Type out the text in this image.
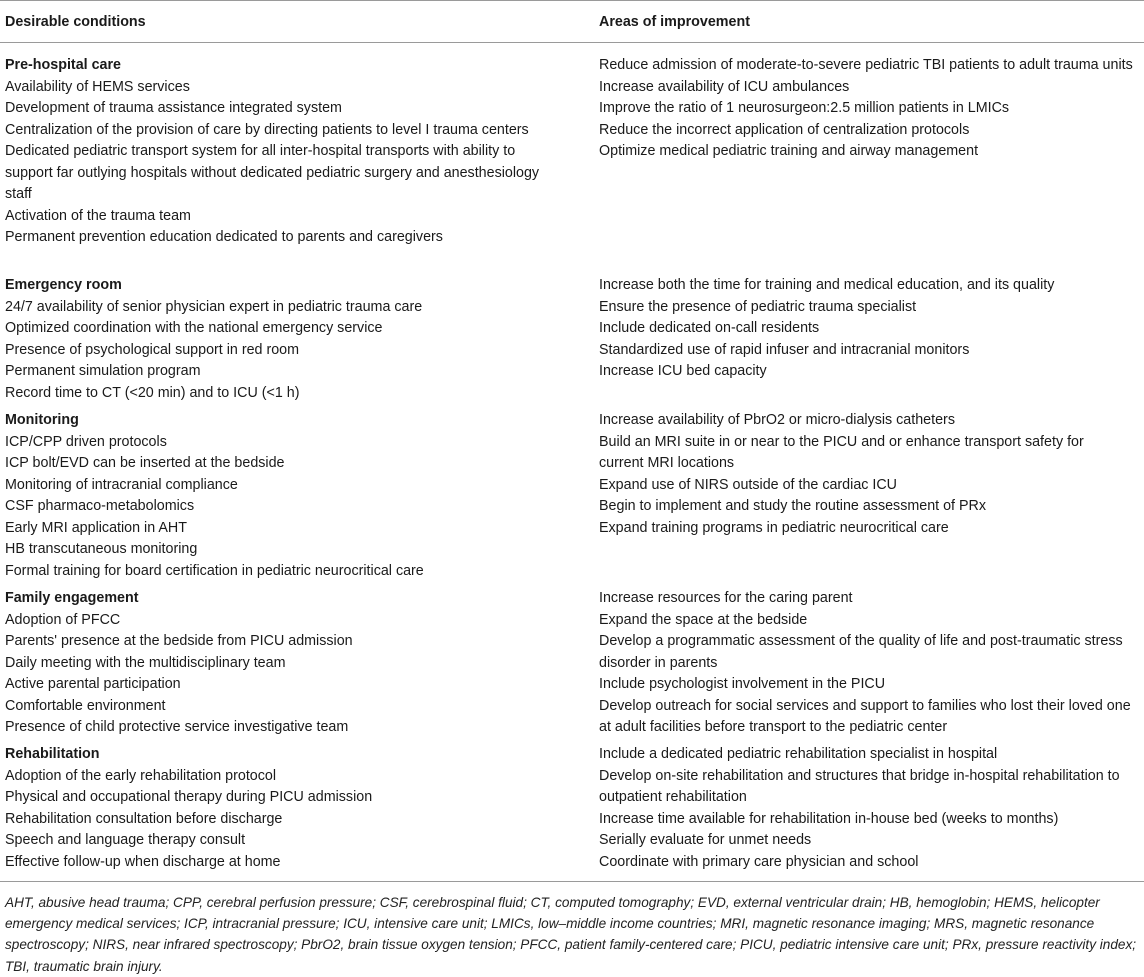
Desirable conditions	Areas of improvement
Pre-hospital care
Availability of HEMS services
Development of trauma assistance integrated system
Centralization of the provision of care by directing patients to level I trauma centers
Dedicated pediatric transport system for all inter-hospital transports with ability to support far outlying hospitals without dedicated pediatric surgery and anesthesiology staff
Activation of the trauma team
Permanent prevention education dedicated to parents and caregivers
Reduce admission of moderate-to-severe pediatric TBI patients to adult trauma units
Increase availability of ICU ambulances
Improve the ratio of 1 neurosurgeon:2.5 million patients in LMICs
Reduce the incorrect application of centralization protocols
Optimize medical pediatric training and airway management
Emergency room
24/7 availability of senior physician expert in pediatric trauma care
Optimized coordination with the national emergency service
Presence of psychological support in red room
Permanent simulation program
Record time to CT (<20 min) and to ICU (<1 h)
Increase both the time for training and medical education, and its quality
Ensure the presence of pediatric trauma specialist
Include dedicated on-call residents
Standardized use of rapid infuser and intracranial monitors
Increase ICU bed capacity
Monitoring
ICP/CPP driven protocols
ICP bolt/EVD can be inserted at the bedside
Monitoring of intracranial compliance
CSF pharmaco-metabolomics
Early MRI application in AHT
HB transcutaneous monitoring
Formal training for board certification in pediatric neurocritical care
Increase availability of PbrO2 or micro-dialysis catheters
Build an MRI suite in or near to the PICU and or enhance transport safety for current MRI locations
Expand use of NIRS outside of the cardiac ICU
Begin to implement and study the routine assessment of PRx
Expand training programs in pediatric neurocritical care
Family engagement
Adoption of PFCC
Parents' presence at the bedside from PICU admission
Daily meeting with the multidisciplinary team
Active parental participation
Comfortable environment
Presence of child protective service investigative team
Increase resources for the caring parent
Expand the space at the bedside
Develop a programmatic assessment of the quality of life and post-traumatic stress disorder in parents
Include psychologist involvement in the PICU
Develop outreach for social services and support to families who lost their loved one at adult facilities before transport to the pediatric center
Rehabilitation
Adoption of the early rehabilitation protocol
Physical and occupational therapy during PICU admission
Rehabilitation consultation before discharge
Speech and language therapy consult
Effective follow-up when discharge at home
Include a dedicated pediatric rehabilitation specialist in hospital
Develop on-site rehabilitation and structures that bridge in-hospital rehabilitation to outpatient rehabilitation
Increase time available for rehabilitation in-house bed (weeks to months)
Serially evaluate for unmet needs
Coordinate with primary care physician and school
AHT, abusive head trauma; CPP, cerebral perfusion pressure; CSF, cerebrospinal fluid; CT, computed tomography; EVD, external ventricular drain; HB, hemoglobin; HEMS, helicopter emergency medical services; ICP, intracranial pressure; ICU, intensive care unit; LMICs, low–middle income countries; MRI, magnetic resonance imaging; MRS, magnetic resonance spectroscopy; NIRS, near infrared spectroscopy; PbrO2, brain tissue oxygen tension; PFCC, patient family-centered care; PICU, pediatric intensive care unit; PRx, pressure reactivity index; TBI, traumatic brain injury.
